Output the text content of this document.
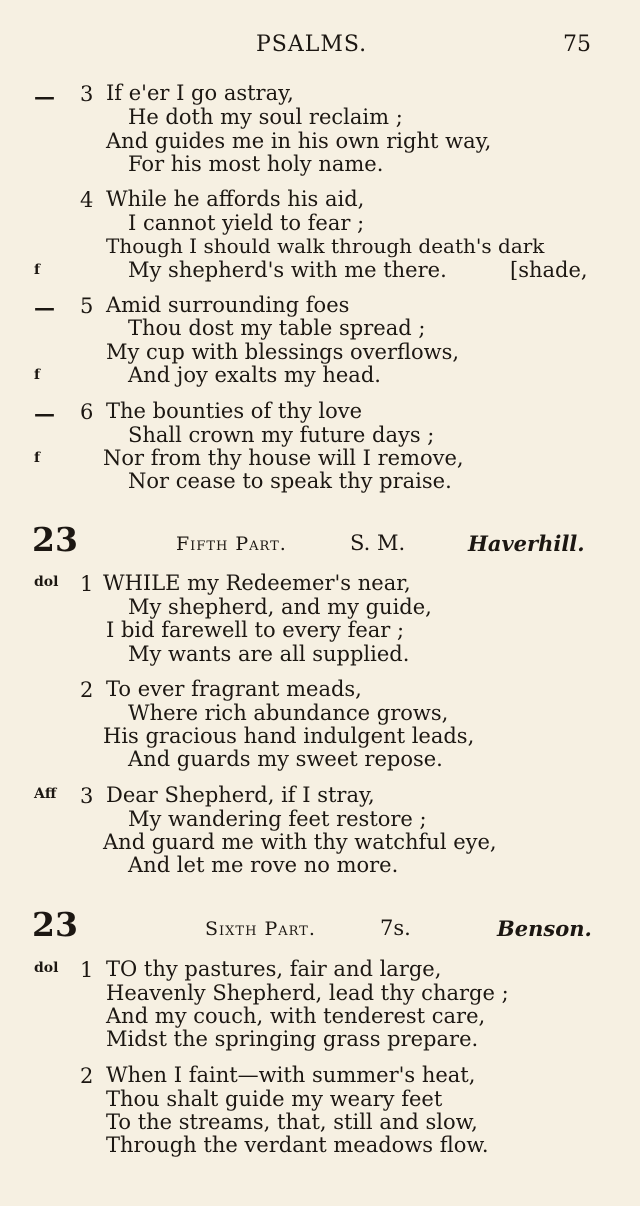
PSALMS.	75
— 3 If e'er I go astray,
He doth my soul reclaim ;
And guides me in his own right way,
For his most holy name.
4 While he affords his aid,
I cannot yield to fear ;
Though I should walk through death's dark
f	My shepherd's with me there.	[shade,
— 5 Amid surrounding foes
Thou dost my table spread ;
My cup with blessings overflows,
f	And joy exalts my head.
— 6 The bounties of thy love
Shall crown my future days ;
f	Nor from thy house will I remove,
Nor cease to speak thy praise.
23	Fifth Part.	S. M.	Haverhill.
dol 1 WHILE my Redeemer's near,
My shepherd, and my guide,
I bid farewell to every fear ;
My wants are all supplied.
2 To ever fragrant meads,
Where rich abundance grows,
His gracious hand indulgent leads,
And guards my sweet repose.
Aff 3 Dear Shepherd, if I stray,
My wandering feet restore ;
And guard me with thy watchful eye,
And let me rove no more.
23	Sixth Part.	7s.	Benson.
dol 1 TO thy pastures, fair and large,
Heavenly Shepherd, lead thy charge ;
And my couch, with tenderest care,
Midst the springing grass prepare.
2 When I faint—with summer's heat,
Thou shalt guide my weary feet
To the streams, that, still and slow,
Through the verdant meadows flow.
